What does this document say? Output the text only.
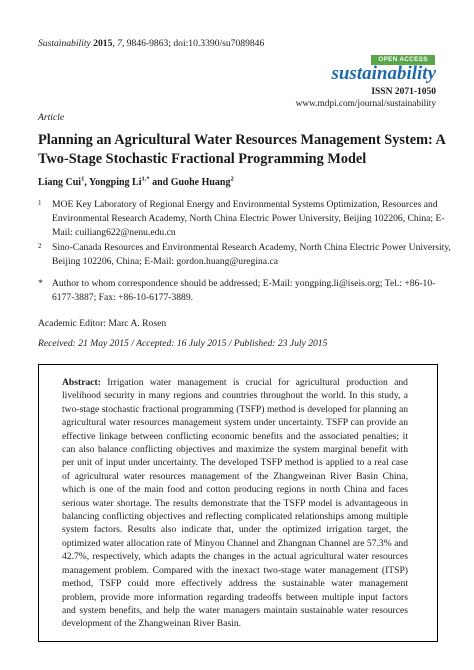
Sustainability 2015, 7, 9846-9863; doi:10.3390/su7089846
OPEN ACCESS
sustainability
ISSN 2071-1050
www.mdpi.com/journal/sustainability
Article
Planning an Agricultural Water Resources Management System: A Two-Stage Stochastic Fractional Programming Model
Liang Cui$^1$, Yongping $Li^{1,*}$ and Guohe Huang$^2$
1 MOE Key Laboratory of Regional Energy and Environmental Systems Optimization, Resources and Environmental Research Academy, North China Electric Power University, Beijing 102206, China; E-Mail: cuiliang622@nenu.edu.cn
2 Sino-Canada Resources and Environmental Research Academy, North China Electric Power University, Beijing 102206, China; E-Mail: gordon.huang@uregina.ca
* Author to whom correspondence should be addressed; E-Mail: yongping.li@iseis.org; Tel.: +86-10-6177-3887; Fax: +86-10-6177-3889.
Academic Editor: Marc A. Rosen
Received: 21 May 2015 / Accepted: 16 July 2015 / Published: 23 July 2015
Abstract: Irrigation water management is crucial for agricultural production and livelihood security in many regions and countries throughout the world. In this study, a two-stage stochastic fractional programming (TSFP) method is developed for planning an agricultural water resources management system under uncertainty. TSFP can provide an effective linkage between conflicting economic benefits and the associated penalties; it can also balance conflicting objectives and maximize the system marginal benefit with per unit of input under uncertainty. The developed TSFP method is applied to a real case of agricultural water resources management of the Zhangweinan River Basin China, which is one of the main food and cotton producing regions in north China and faces serious water shortage. The results demonstrate that the TSFP model is advantageous in balancing conflicting objectives and reflecting complicated relationships among multiple system factors. Results also indicate that, under the optimized irrigation target, the optimized water allocation rate of Minyou Channel and Zhangnan Channel are 57.3% and 42.7%, respectively, which adapts the changes in the actual agricultural water resources management problem. Compared with the inexact two-stage water management (ITSP) method, TSFP could more effectively address the sustainable water management problem, provide more information regarding tradeoffs between multiple input factors and system benefits, and help the water managers maintain sustainable water resources development of the Zhangweinan River Basin.
